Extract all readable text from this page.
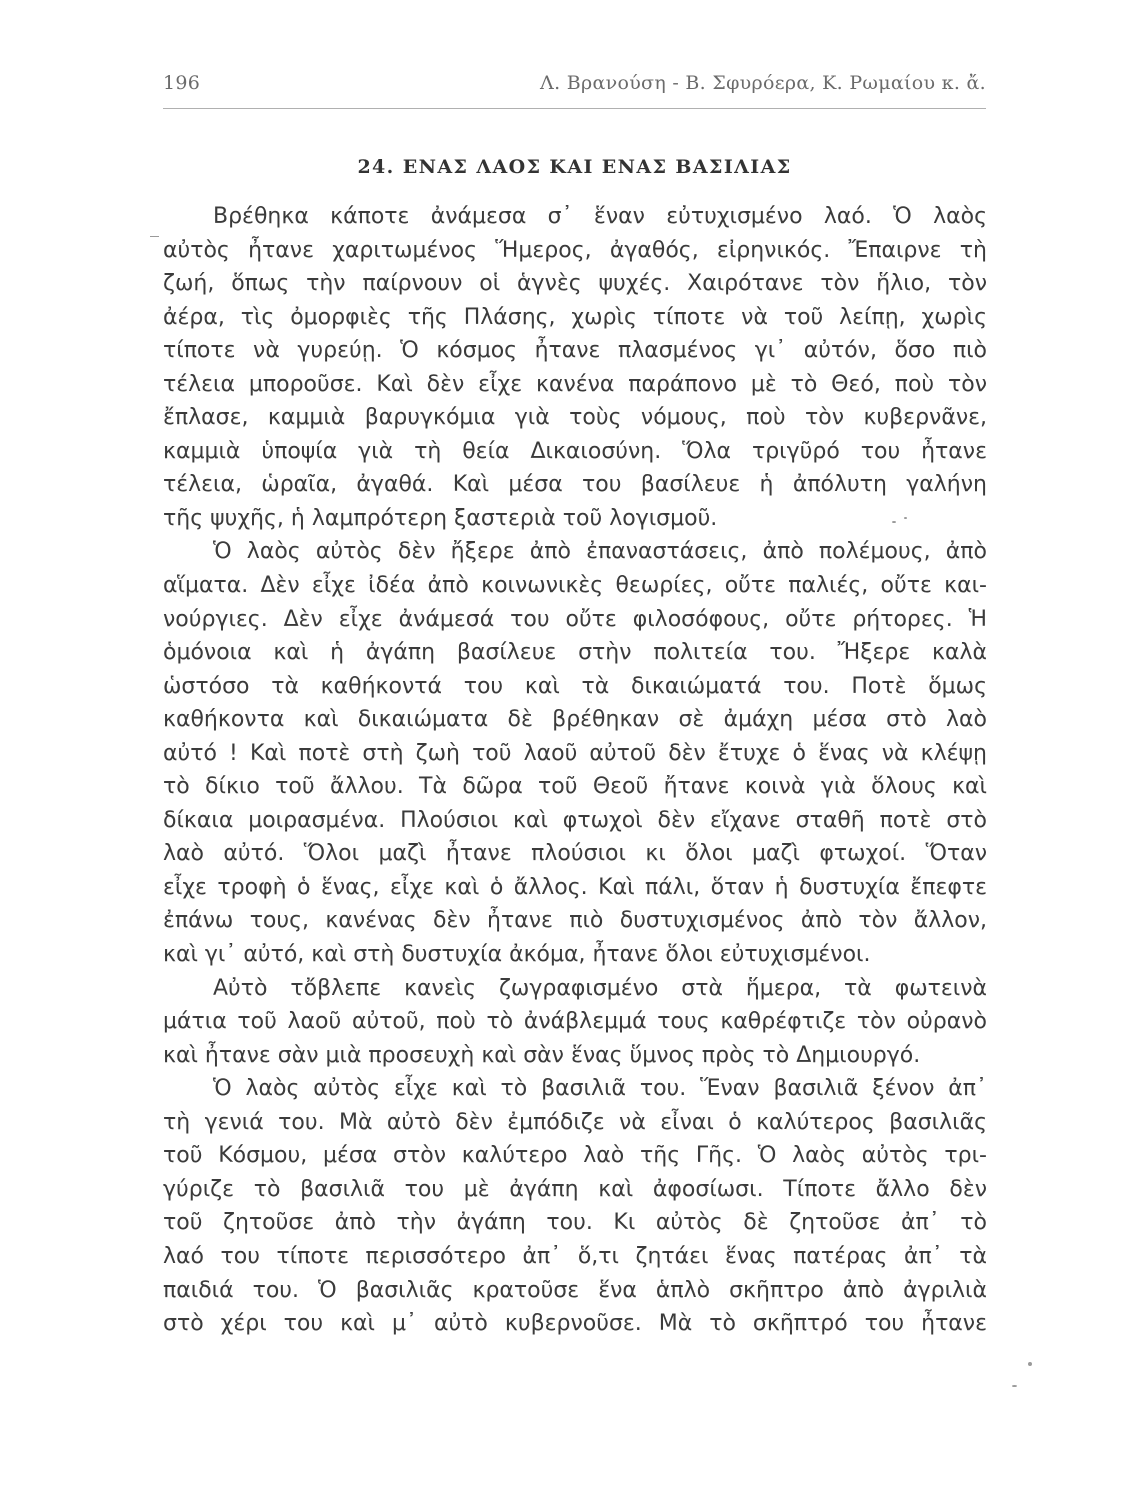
196	Λ. Βρανούση - Β. Σφυρόερα, Κ. Ρωμαίου κ. ἄ.
24. ΕΝΑΣ ΛΑΟΣ ΚΑΙ ΕΝΑΣ ΒΑΣΙΛΙΑΣ
Βρέθηκα κάποτε ἀνάμεσα σ᾽ ἕναν εὐτυχισμένο λαό. Ὁ λαὸς
αὐτὸς ἦτανε χαριτωμένος Ἥμερος, ἀγαθός, εἰρηνικός. Ἔπαιρνε τὴ
ζωή, ὅπως τὴν παίρνουν οἱ ἁγνὲς ψυχές. Χαιρότανε τὸν ἥλιο, τὸν
ἀέρα, τὶς ὀμορφιὲς τῆς Πλάσης, χωρὶς τίποτε νὰ τοῦ λείπῃ, χωρὶς
τίποτε νὰ γυρεύῃ. Ὁ κόσμος ἦτανε πλασμένος γι᾽ αὐτόν, ὅσο πιὸ
τέλεια μποροῦσε. Καὶ δὲν εἶχε κανένα παράπονο μὲ τὸ Θεό, ποὺ τὸν
ἔπλασε, καμμιὰ βαρυγκόμια γιὰ τοὺς νόμους, ποὺ τὸν κυβερνᾶνε,
καμμιὰ ὑποψία γιὰ τὴ θεία Δικαιοσύνη. Ὅλα τριγῦρό του ἦτανε
τέλεια, ὡραῖα, ἀγαθά. Καὶ μέσα του βασίλευε ἡ ἀπόλυτη γαλήνη
τῆς ψυχῆς, ἡ λαμπρότερη ξαστεριὰ τοῦ λογισμοῦ.
Ὁ λαὸς αὐτὸς δὲν ἤξερε ἀπὸ ἐπαναστάσεις, ἀπὸ πολέμους, ἀπὸ
αἵματα. Δὲν εἶχε ἰδέα ἀπὸ κοινωνικὲς θεωρίες, οὔτε παλιές, οὔτε και-
νούργιες. Δὲν εἶχε ἀνάμεσά του οὔτε φιλοσόφους, οὔτε ρήτορες. Ἡ
ὁμόνοια καὶ ἡ ἀγάπη βασίλευε στὴν πολιτεία του. Ἤξερε καλὰ
ὡστόσο τὰ καθήκοντά του καὶ τὰ δικαιώματά του. Ποτὲ ὅμως
καθήκοντα καὶ δικαιώματα δὲ βρέθηκαν σὲ ἀμάχη μέσα στὸ λαὸ
αὐτό ! Καὶ ποτὲ στὴ ζωὴ τοῦ λαοῦ αὐτοῦ δὲν ἔτυχε ὁ ἕνας νὰ κλέψῃ
τὸ δίκιο τοῦ ἄλλου. Τὰ δῶρα τοῦ Θεοῦ ἤτανε κοινὰ γιὰ ὅλους καὶ
δίκαια μοιρασμένα. Πλούσιοι καὶ φτωχοὶ δὲν εἴχανε σταθῆ ποτὲ στὸ
λαὸ αὐτό. Ὅλοι μαζὶ ἦτανε πλούσιοι κι ὅλοι μαζὶ φτωχοί. Ὅταν
εἶχε τροφὴ ὁ ἕνας, εἶχε καὶ ὁ ἄλλος. Καὶ πάλι, ὅταν ἡ δυστυχία ἔπεφτε
ἐπάνω τους, κανένας δὲν ἦτανε πιὸ δυστυχισμένος ἀπὸ τὸν ἄλλον,
καὶ γι᾽ αὐτό, καὶ στὴ δυστυχία ἀκόμα, ἦτανε ὅλοι εὐτυχισμένοι.
Αὐτὸ τὄβλεπε κανεὶς ζωγραφισμένο στὰ ἥμερα, τὰ φωτεινὰ
μάτια τοῦ λαοῦ αὐτοῦ, ποὺ τὸ ἀνάβλεμμά τους καθρέφτιζε τὸν οὐρανὸ
καὶ ἦτανε σὰν μιὰ προσευχὴ καὶ σὰν ἕνας ὕμνος πρὸς τὸ Δημιουργό.
Ὁ λαὸς αὐτὸς εἶχε καὶ τὸ βασιλιᾶ του. Ἕναν βασιλιᾶ ξένον ἀπ᾽
τὴ γενιά του. Μὰ αὐτὸ δὲν ἐμπόδιζε νὰ εἶναι ὁ καλύτερος βασιλιᾶς
τοῦ Κόσμου, μέσα στὸν καλύτερο λαὸ τῆς Γῆς. Ὁ λαὸς αὐτὸς τρι-
γύριζε τὸ βασιλιᾶ του μὲ ἀγάπη καὶ ἀφοσίωσι. Τίποτε ἄλλο δὲν
τοῦ ζητοῦσε ἀπὸ τὴν ἀγάπη του. Κι αὐτὸς δὲ ζητοῦσε ἀπ᾽ τὸ
λαό του τίποτε περισσότερο ἀπ᾽ ὅ,τι ζητάει ἕνας πατέρας ἀπ᾽ τὰ
παιδιά του. Ὁ βασιλιᾶς κρατοῦσε ἕνα ἁπλὸ σκῆπτρο ἀπὸ ἀγριλιὰ
στὸ χέρι του καὶ μ᾽ αὐτὸ κυβερνοῦσε. Μὰ τὸ σκῆπτρό του ἦτανε
